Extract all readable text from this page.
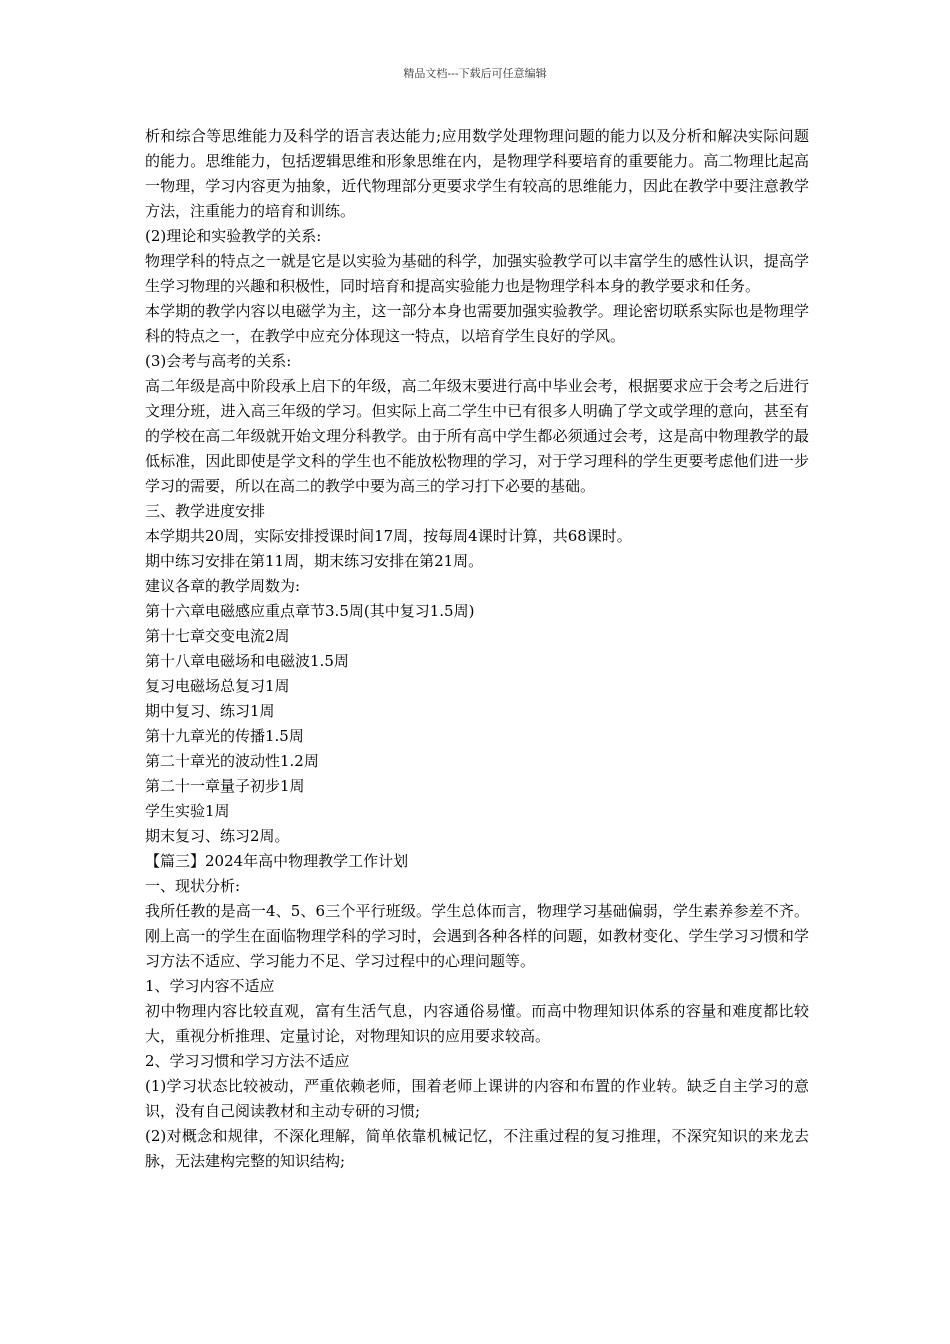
精品文档---下载后可任意编辑

析和综合等思维能力及科学的语言表达能力;应用数学处理物理问题的能力以及分析和解决实际问题的能力。思维能力，包括逻辑思维和形象思维在内，是物理学科要培育的重要能力。高二物理比起高一物理，学习内容更为抽象，近代物理部分更要求学生有较高的思维能力，因此在教学中要注意教学方法，注重能力的培育和训练。

(2)理论和实验教学的关系:

物理学科的特点之一就是它是以实验为基础的科学，加强实验教学可以丰富学生的感性认识，提高学生学习物理的兴趣和积极性，同时培育和提高实验能力也是物理学科本身的教学要求和任务。

本学期的教学内容以电磁学为主，这一部分本身也需要加强实验教学。理论密切联系实际也是物理学科的特点之一，在教学中应充分体现这一特点，以培育学生良好的学风。

(3)会考与高考的关系:

高二年级是高中阶段承上启下的年级，高二年级末要进行高中毕业会考，根据要求应于会考之后进行文理分班，进入高三年级的学习。但实际上高二学生中已有很多人明确了学文或学理的意向，甚至有的学校在高二年级就开始文理分科教学。由于所有高中学生都必须通过会考，这是高中物理教学的最低标准，因此即使是学文科的学生也不能放松物理的学习，对于学习理科的学生更要考虑他们进一步学习的需要，所以在高二的教学中要为高三的学习打下必要的基础。

三、教学进度安排

本学期共20周，实际安排授课时间17周，按每周4课时计算，共68课时。

期中练习安排在第11周，期末练习安排在第21周。

建议各章的教学周数为:

第十六章电磁感应重点章节3.5周(其中复习1.5周)

第十七章交变电流2周

第十八章电磁场和电磁波1.5周

复习电磁场总复习1周

期中复习、练习1周

第十九章光的传播1.5周

第二十章光的波动性1.2周

第二十一章量子初步1周

学生实验1周

期末复习、练习2周。

【篇三】2024年高中物理教学工作计划

一、现状分析:

我所任教的是高一4、5、6三个平行班级。学生总体而言，物理学习基础偏弱，学生素养参差不齐。刚上高一的学生在面临物理学科的学习时，会遇到各种各样的问题，如教材变化、学生学习习惯和学习方法不适应、学习能力不足、学习过程中的心理问题等。

1、学习内容不适应

初中物理内容比较直观，富有生活气息，内容通俗易懂。而高中物理知识体系的容量和难度都比较大，重视分析推理、定量讨论，对物理知识的应用要求较高。

2、学习习惯和学习方法不适应

(1)学习状态比较被动，严重依赖老师，围着老师上课讲的内容和布置的作业转。缺乏自主学习的意识，没有自己阅读教材和主动专研的习惯;

(2)对概念和规律，不深化理解，简单依靠机械记忆，不注重过程的复习推理，不深究知识的来龙去脉，无法建构完整的知识结构;
